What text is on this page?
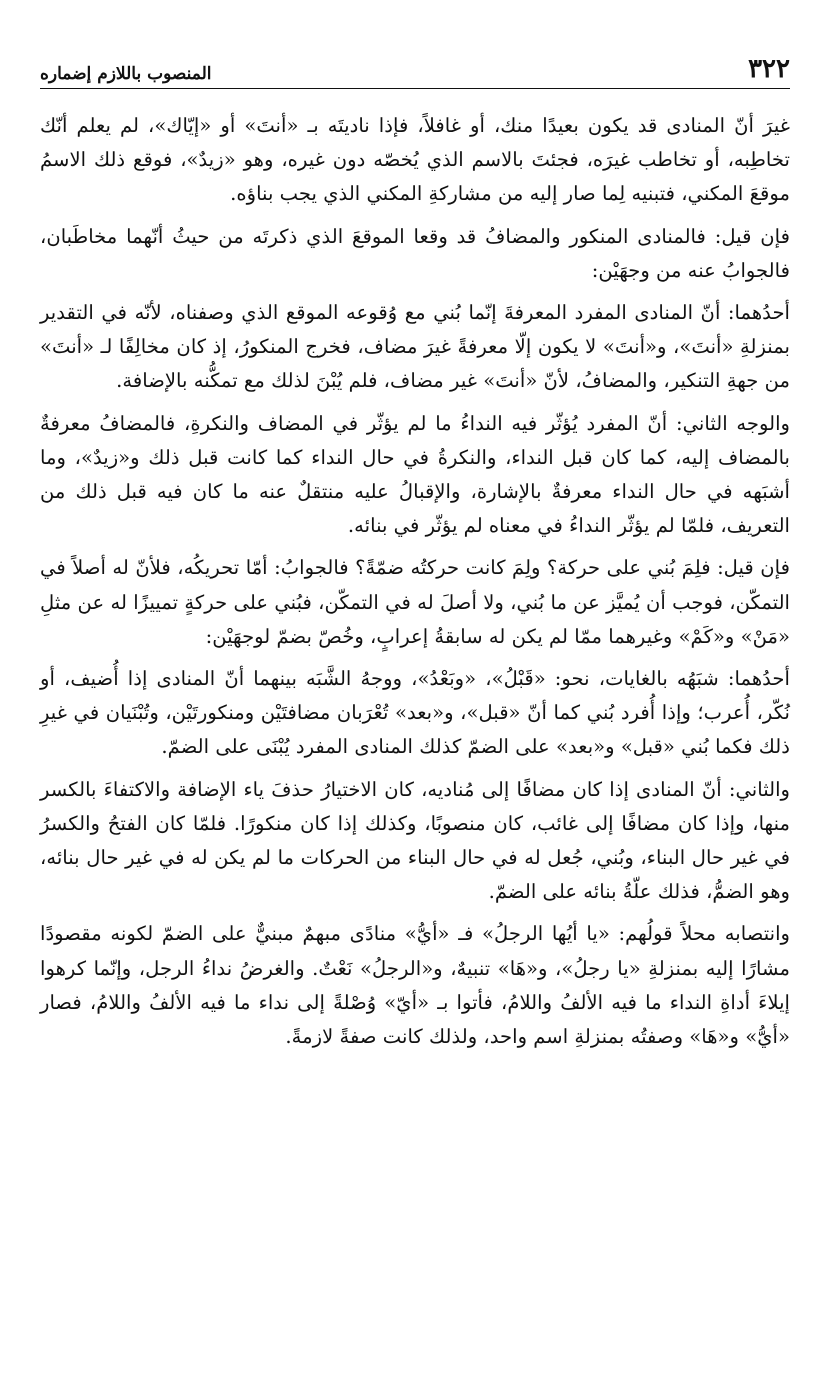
٣٢٢
المنصوب باللازم إضماره

غيرَ أنّ المنادى قد يكون بعيدًا منك، أو غافلاً، فإذا ناديتَه بـ «أنتَ» أو «إيّاك»، لم يعلم أنّك تخاطِبه، أو تخاطب غيرَه، فجئتَ بالاسم الذي يُخصّه دون غيره، وهو «زيدٌ»، فوقع ذلك الاسمُ موقعَ المكني، فتبنيه لِما صار إليه من مشاركةِ المكني الذي يجب بناؤه.

فإن قيل: فالمنادى المنكور والمضافُ قد وقعا الموقعَ الذي ذكرتَه من حيثُ أنّهما مخاطَبان، فالجوابُ عنه من وجهَيْن:

أحدُهما: أنّ المنادى المفرد المعرفةَ إنّما بُني مع وُقوعه الموقع الذي وصفناه، لأنّه في التقدير بمنزلةِ «أنتَ»، و«أنتَ» لا يكون إلّا معرفةً غيرَ مضاف، فخرج المنكورُ، إذ كان مخالِفًا لـ «أنتَ» من جهةِ التنكير، والمضافُ، لأنّ «أنتَ» غير مضاف، فلم يُبْنَ لذلك مع تمكُّنه بالإضافة.

والوجه الثاني: أنّ المفرد يُؤثّر فيه النداءُ ما لم يؤثّر في المضاف والنكرةِ، فالمضافُ معرفةٌ بالمضاف إليه، كما كان قبل النداء، والنكرةُ في حال النداء كما كانت قبل ذلك و«زيدٌ»، وما أشبَهه في حال النداء معرفةٌ بالإشارة، والإقبالُ عليه منتقلٌ عنه ما كان فيه قبل ذلك من التعريف، فلمّا لم يؤثّر النداءُ في معناه لم يؤثّر في بنائه.

فإن قيل: فلِمَ بُني على حركة؟ ولِمَ كانت حركتُه ضمّةً؟ فالجوابُ: أمّا تحريكُه، فلأنّ له أصلاً في التمكّن، فوجب أن يُميَّز عن ما بُني، ولا أصلَ له في التمكّن، فبُني على حركةٍ تمييزًا له عن مثلِ «مَنْ» و«كَمْ» وغيرهما ممّا لم يكن له سابقةُ إعرابٍ، وخُصّ بضمّ لوجهَيْن:

أحدُهما: شبَهُه بالغايات، نحو: «قَبْلُ»، «وبَعْدُ»، ووجهُ الشَّبَه بينهما أنّ المنادى إذا أُضيف، أو نُكّر، أُعرب؛ وإذا أُفرد بُني كما أنّ «قبل»، و«بعد» تُعْرَبان مضافتَيْن ومنكورتَيْن، وتُبْنَيان في غيرِ ذلك فكما بُني «قبل» و«بعد» على الضمّ كذلك المنادى المفرد يُبْنَى على الضمّ.

والثاني: أنّ المنادى إذا كان مضافًا إلى مُناديه، كان الاختيارُ حذفَ ياء الإضافة والاكتفاءَ بالكسر منها، وإذا كان مضافًا إلى غائب، كان منصوبًا، وكذلك إذا كان منكورًا. فلمّا كان الفتحُ والكسرُ في غير حال البناء، وبُني، جُعل له في حال البناء من الحركات ما لم يكن له في غير حال بنائه، وهو الضمُّ، فذلك علّةُ بنائه على الضمّ.

وانتصابه محلاً قولُهم: «يا أيُها الرجلُ» فـ «أيُّ» منادًى مبهمٌ مبنيٌّ على الضمّ لكونه مقصودًا مشارًا إليه بمنزلةِ «يا رجلُ»، و«هَا» تنبيهٌ، و«الرجلُ» نَعْتٌ. والغرضُ نداءُ الرجل، وإنّما كرهوا إيلاءَ أداةِ النداء ما فيه الألفُ واللامُ، فأتوا بـ «أيّ» وُصْلةً إلى نداء ما فيه الألفُ واللامُ، فصار «أيُّ» و«هَا» وصفتُه بمنزلةِ اسم واحد، ولذلك كانت صفةً لازمةً.
